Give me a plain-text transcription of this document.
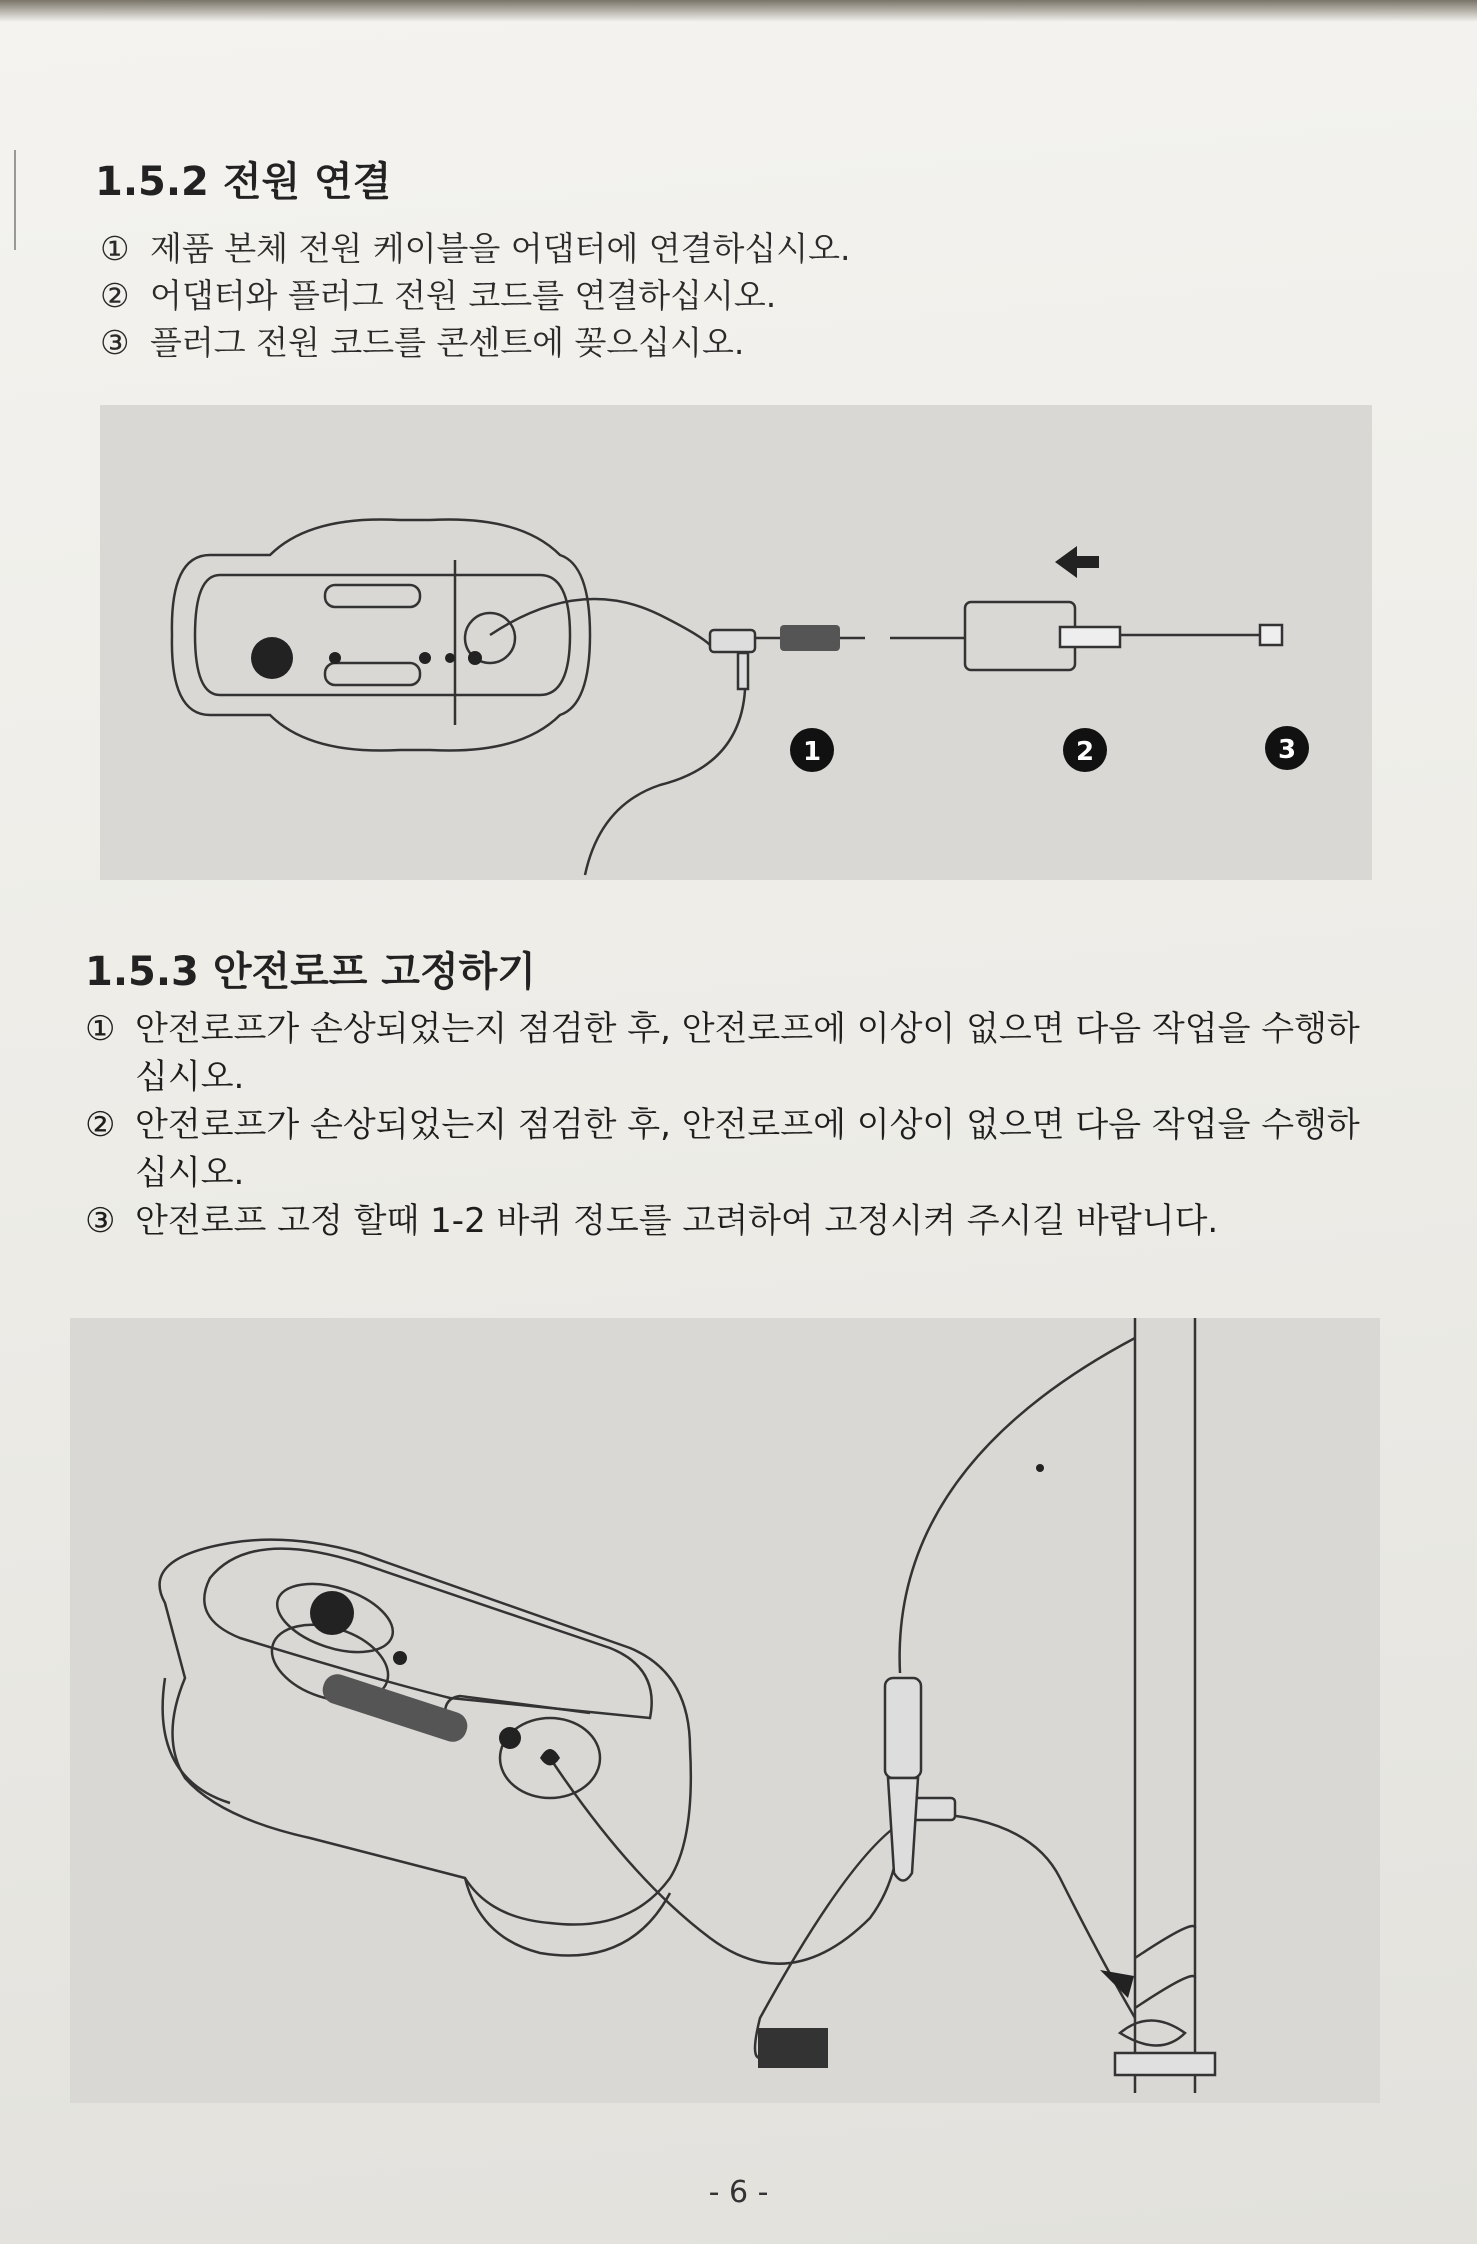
1.5.2 전원 연결
① 제품 본체 전원 케이블을 어댑터에 연결하십시오.
② 어댑터와 플러그 전원 코드를 연결하십시오.
③ 플러그 전원 코드를 콘센트에 꽂으십시오.
1	2	3
1.5.3 안전로프 고정하기
① 안전로프가 손상되었는지 점검한 후, 안전로프에 이상이 없으면 다음 작업을 수행하십시오.
② 안전로프가 손상되었는지 점검한 후, 안전로프에 이상이 없으면 다음 작업을 수행하십시오.
③ 안전로프 고정 할때 1-2 바퀴 정도를 고려하여 고정시켜 주시길 바랍니다.
- 6 -
